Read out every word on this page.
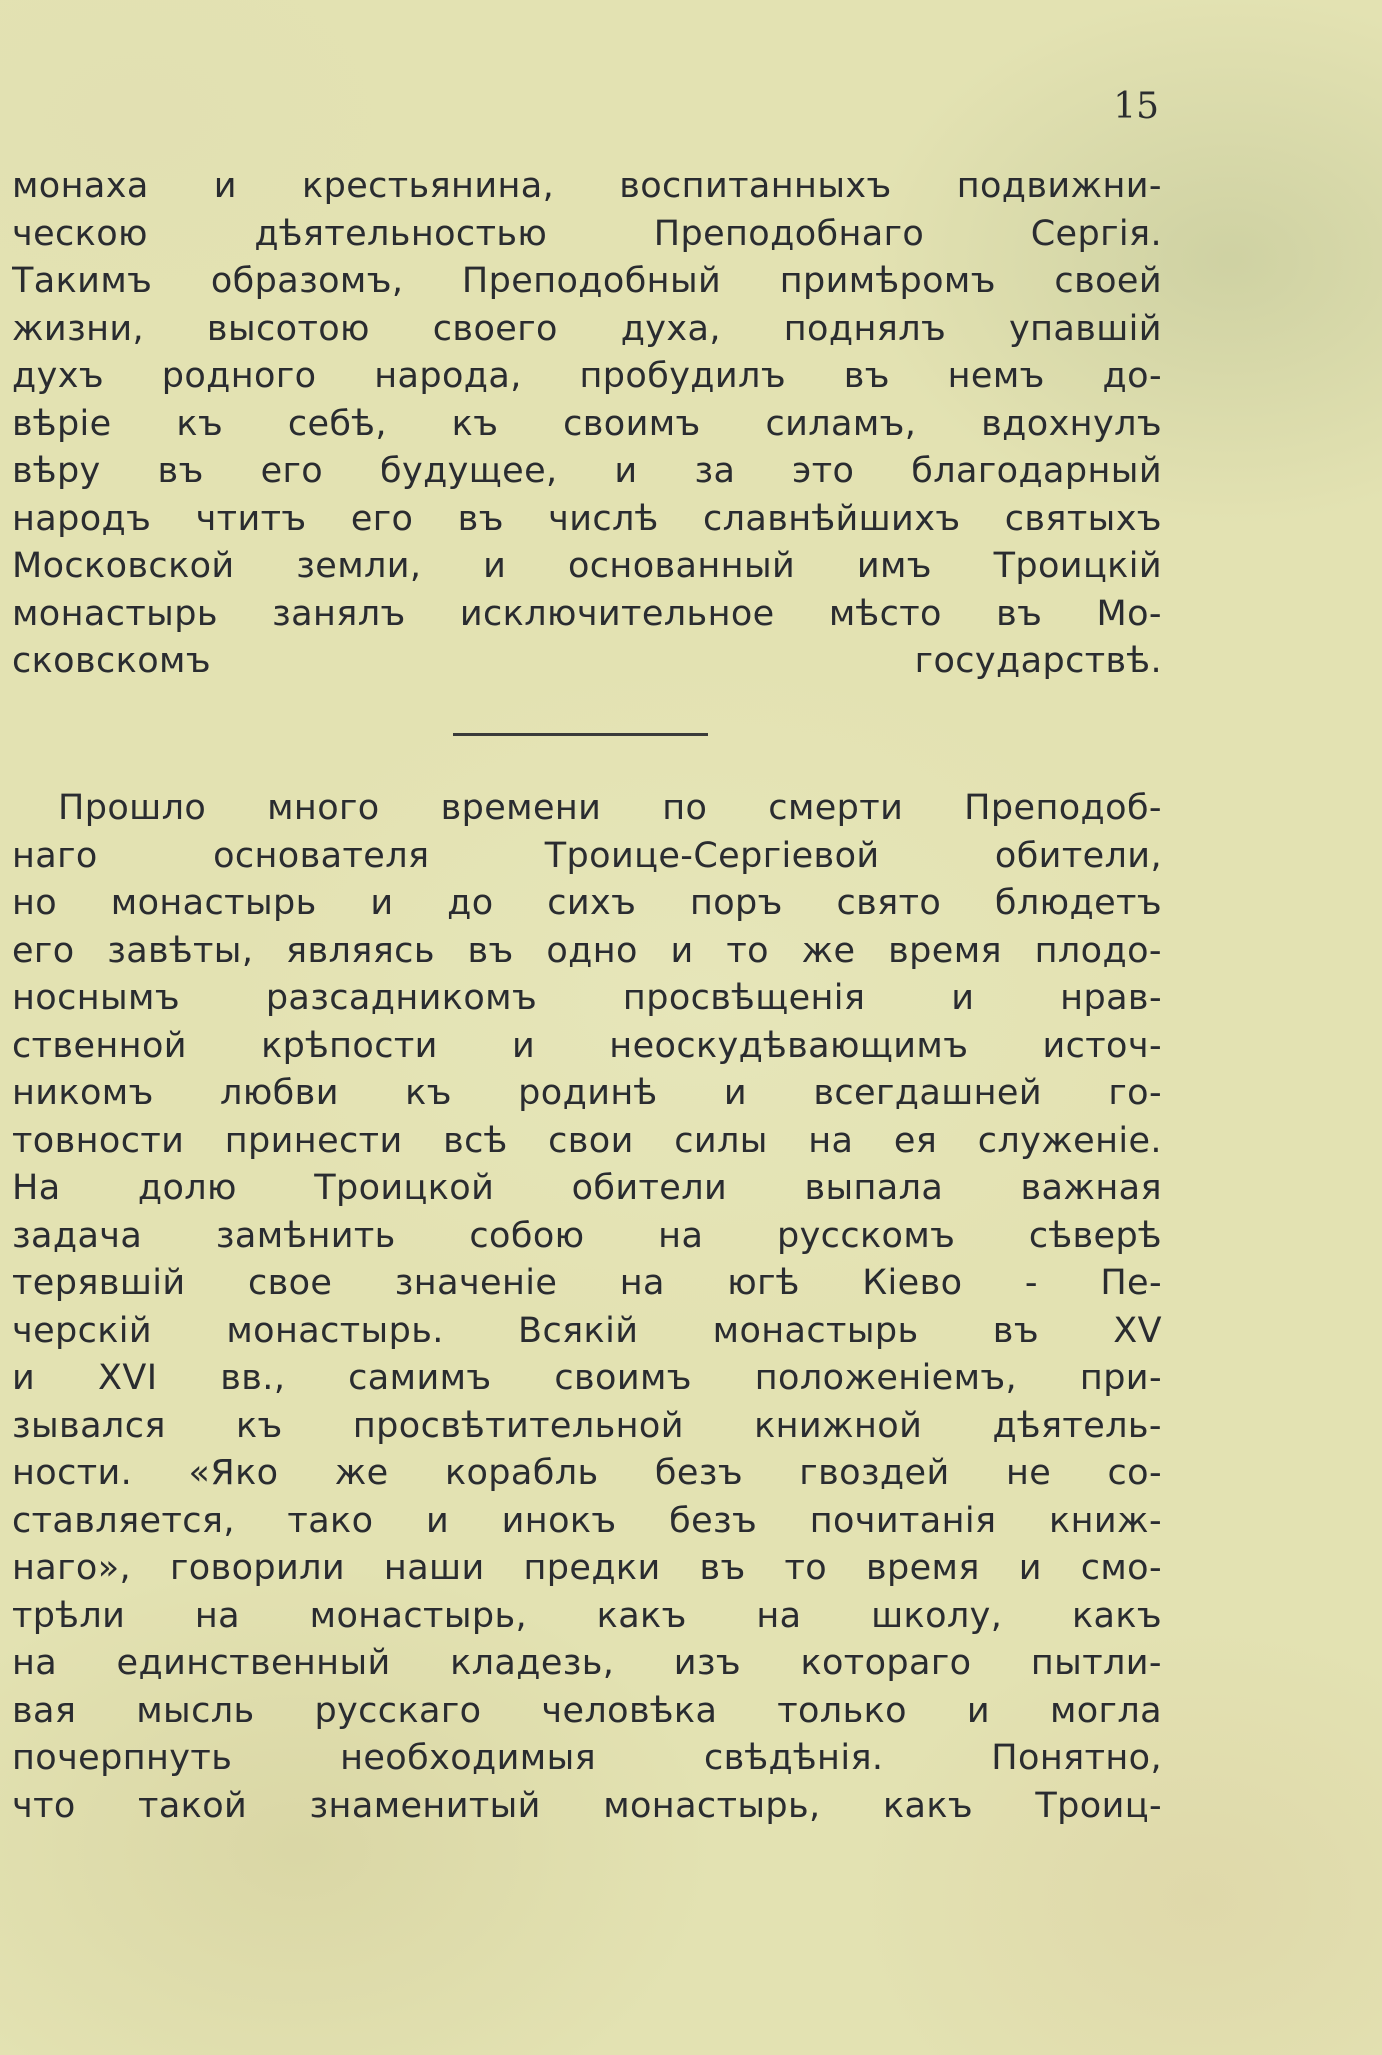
15
монаха и крестьянина, воспитанныхъ подвижни-
ческою	дѣятельностью	Преподобнаго	Сергія.
Такимъ образомъ, Преподобный примѣромъ своей
жизни, высотою своего духа, поднялъ упавшій
духъ родного народа, пробудилъ въ немъ до-
вѣріе къ себѣ, къ своимъ силамъ, вдохнулъ
вѣру въ его будущее, и за это благодарный
народъ чтитъ его въ числѣ славнѣйшихъ святыхъ
Московской земли, и основанный имъ Троицкій
монастырь занялъ исключительное мѣсто въ Мо-
сковскомъ государствѣ.
Прошло много времени по смерти Преподоб-
наго	основателя	Троице-Сергіевой	обители,
но монастырь и до сихъ поръ свято блюдетъ
его завѣты, являясь въ одно и то же время плодо-
носнымъ разсадникомъ просвѣщенія и нрав-
ственной крѣпости и неоскудѣвающимъ источ-
никомъ любви къ родинѣ и всегдашней го-
товности принести всѣ свои силы на ея служеніе.
На долю Троицкой обители выпала важная
задача замѣнить собою на русскомъ сѣверѣ
терявшій свое значеніе на югѣ Кіево - Пе-
черскій монастырь. Всякій монастырь въ XV
и XVI вв., самимъ своимъ положеніемъ, при-
зывался къ просвѣтительной книжной дѣятель-
ности. «Яко же корабль безъ гвоздей не со-
ставляется, тако и инокъ безъ почитанія книж-
наго», говорили наши предки въ то время и смо-
трѣли на монастырь, какъ на школу, какъ
на единственный кладезь, изъ котораго пытли-
вая мысль русскаго человѣка только и могла
почерпнуть	необходимыя	свѣдѣнія.	Понятно,
что такой знаменитый монастырь, какъ Троиц-
